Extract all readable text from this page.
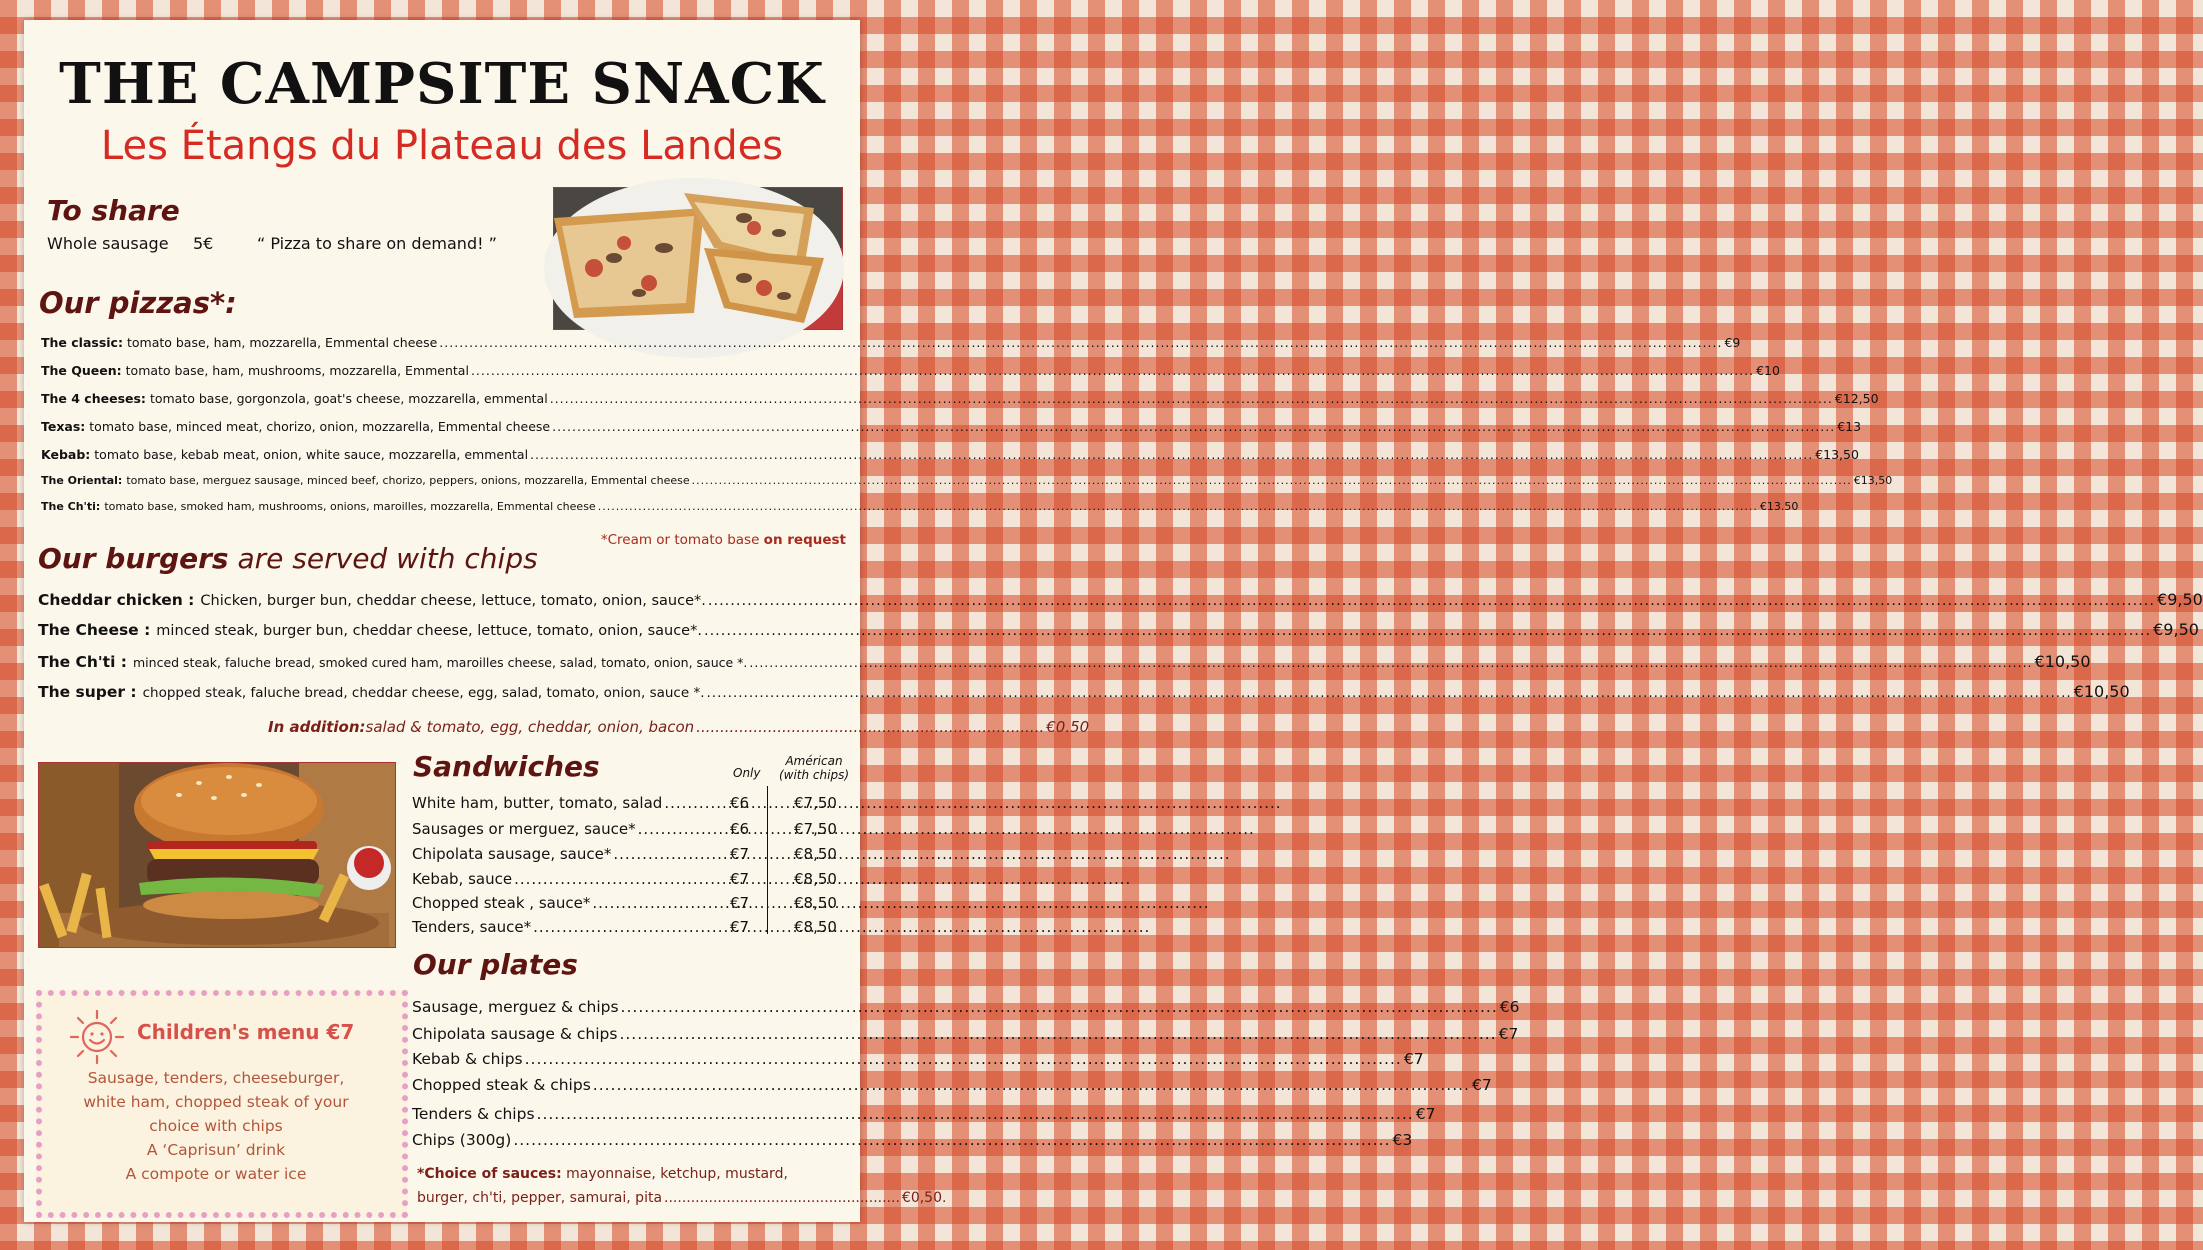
THE CAMPSITE SNACK
Les Étangs du Plateau des Landes
To share
Whole sausage 5€	“ Pizza to share on demand! ”
Our pizzas*:
The classic: tomato base, ham, mozzarella, Emmental cheese .....	€9
The Queen: tomato base, ham, mushrooms, mozzarella, Emmental .....	€10
The 4 cheeses: tomato base, gorgonzola, goat's cheese, mozzarella, emmental .....	€12,50
Texas: tomato base, minced meat, chorizo, onion, mozzarella, Emmental cheese .....	€13
Kebab: tomato base, kebab meat, onion, white sauce, mozzarella, emmental .....	€13,50
The Oriental: tomato base, merguez sausage, minced beef, chorizo, peppers, onions, mozzarella, Emmental cheese .....	€13,50
The Ch'ti: tomato base, smoked ham, mushrooms, onions, maroilles, mozzarella, Emmental cheese .....	€13.50
*Cream or tomato base on request
Our burgers are served with chips
Cheddar chicken : Chicken, burger bun, cheddar cheese, lettuce, tomato, onion, sauce*. .....	€9,50
The Cheese : minced steak, burger bun, cheddar cheese, lettuce, tomato, onion, sauce*. .....	€9,50
The Ch'ti : minced steak, faluche bread, smoked cured ham, maroilles cheese, salad, tomato, onion, sauce *. .....	€10,50
The super : chopped steak, faluche bread, cheddar cheese, egg, salad, tomato, onion, sauce *. .....	€10,50
In addition: salad & tomato, egg, cheddar, onion, bacon ......................................................................... €0.50
Sandwiches	Only
Américan
(with chips)
White ham, butter, tomato, salad .....	€6	€7,50
Sausages or merguez, sauce* .....	€6	€7,50
Chipolata sausage, sauce* .....	€7	€8,50
Kebab, sauce .....	€7	€8,50
Chopped steak , sauce* .....	€7	€8,50
Tenders, sauce* .....	€7	€8,50
Our plates
Sausage, merguez & chips .....	€6
Chipolata sausage & chips .....	€7
Kebab & chips .....	€7
Chopped steak & chips .....	€7
Tenders & chips .....	€7
Chips (300g) .....	€3
*Choice of sauces: mayonnaise, ketchup, mustard,
burger, ch'ti, pepper, samurai, pita ..................................................... €0,50.
Children's menu €7
Sausage, tenders, cheeseburger,
white ham, chopped steak of your
choice with chips
A ‘Caprisun’ drink
A compote or water ice
